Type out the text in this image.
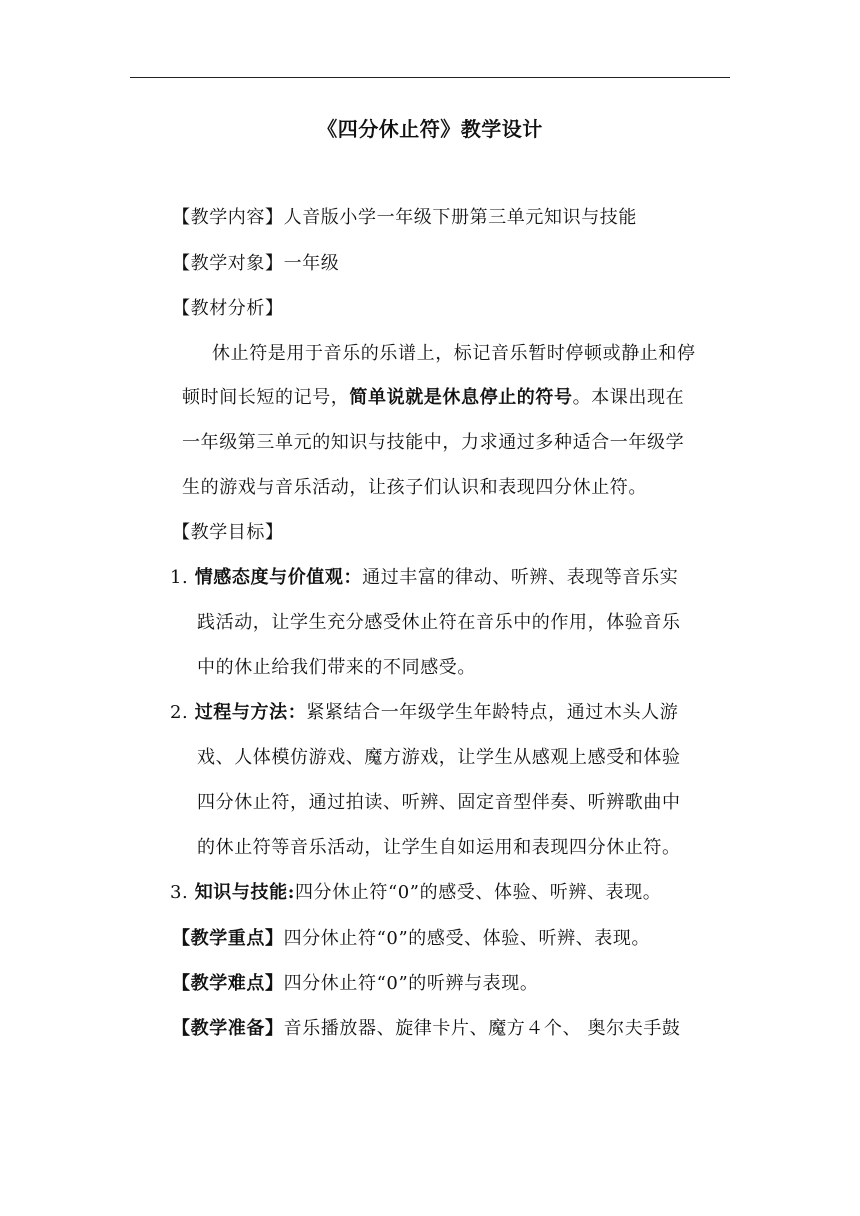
《四分休止符》教学设计
【教学内容】人音版小学一年级下册第三单元知识与技能
【教学对象】一年级
【教材分析】
休止符是用于音乐的乐谱上，标记音乐暂时停顿或静止和停
顿时间长短的记号，简单说就是休息停止的符号。本课出现在
一年级第三单元的知识与技能中，力求通过多种适合一年级学
生的游戏与音乐活动，让孩子们认识和表现四分休止符。
【教学目标】
1. 情感态度与价值观：通过丰富的律动、听辨、表现等音乐实
践活动，让学生充分感受休止符在音乐中的作用，体验音乐
中的休止给我们带来的不同感受。
2. 过程与方法：紧紧结合一年级学生年龄特点，通过木头人游
戏、人体模仿游戏、魔方游戏，让学生从感观上感受和体验
四分休止符，通过拍读、听辨、固定音型伴奏、听辨歌曲中
的休止符等音乐活动，让学生自如运用和表现四分休止符。
3. 知识与技能:四分休止符“0”的感受、体验、听辨、表现。
【教学重点】四分休止符“0”的感受、体验、听辨、表现。
【教学难点】四分休止符“0”的听辨与表现。
【教学准备】音乐播放器、旋律卡片、魔方４个、 奥尔夫手鼓
